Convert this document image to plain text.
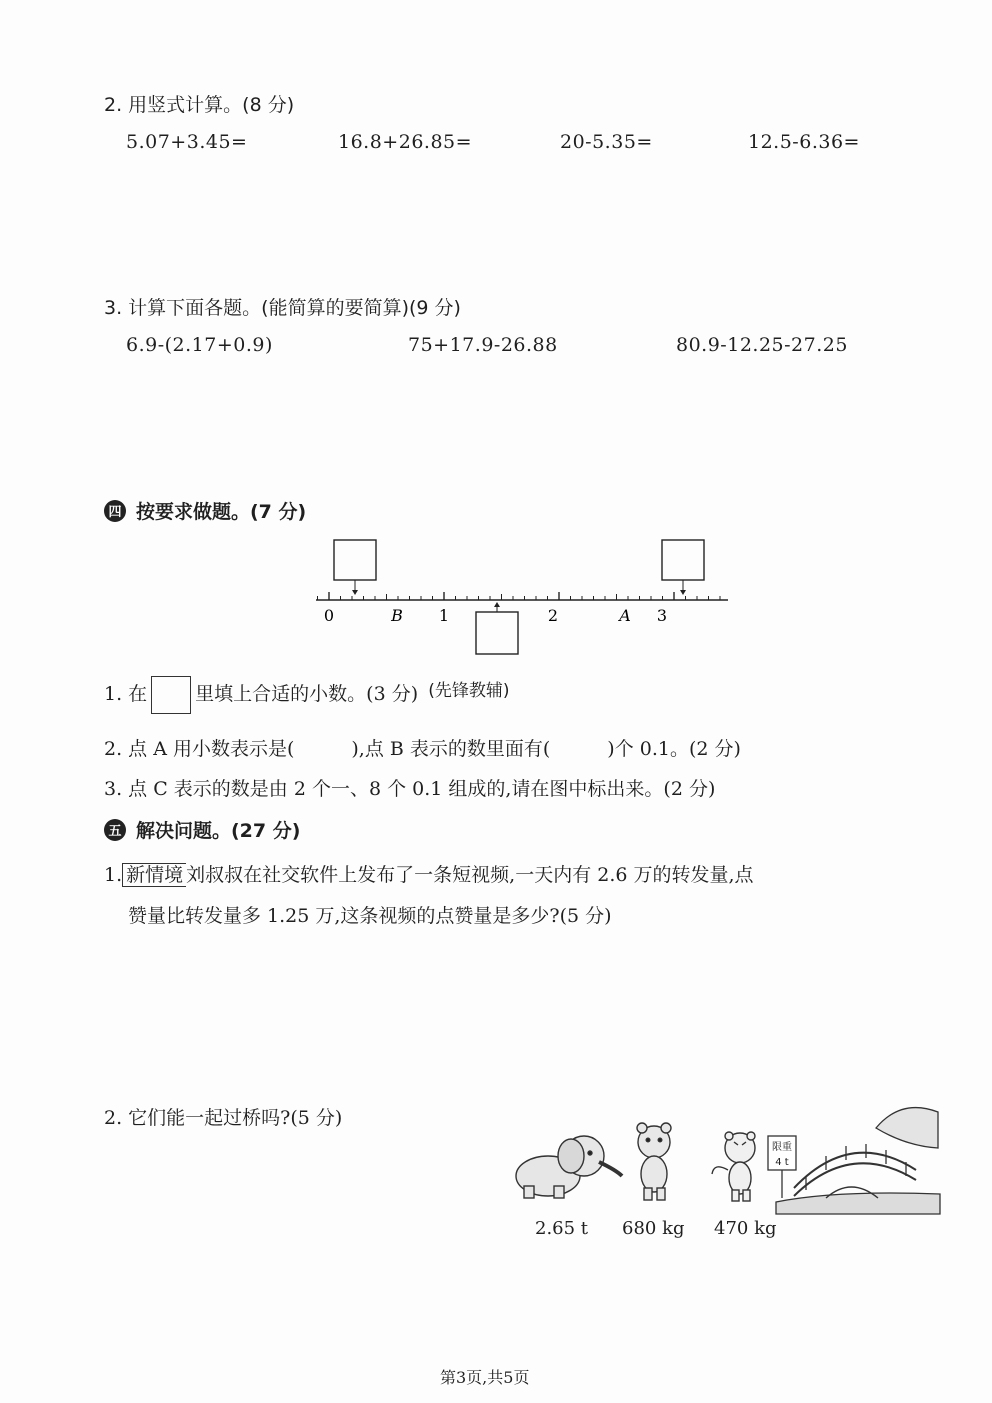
2. 用竖式计算。(8 分)
5.07+3.45=	16.8+26.85=	20-5.35=	12.5-6.36=
3. 计算下面各题。(能简算的要简算)(9 分)
6.9-(2.17+0.9)	75+17.9-26.88	80.9-12.25-27.25
四 按要求做题。(7 分)
0	B 1	2	A 3
1. 在	里填上合适的小数。(3 分) (先锋教辅)
2. 点 A 用小数表示是(　　　),点 B 表示的数里面有(　　　)个 0.1。(2 分)
3. 点 C 表示的数是由 2 个一、8 个 0.1 组成的,请在图中标出来。(2 分)
五 解决问题。(27 分)
1. 新情境 刘叔叔在社交软件上发布了一条短视频,一天内有 2.6 万的转发量,点
赞量比转发量多 1.25 万,这条视频的点赞量是多少?(5 分)
2. 它们能一起过桥吗?(5 分)
限重
4 t
2.65 t 680 kg 470 kg
第3页,共5页
